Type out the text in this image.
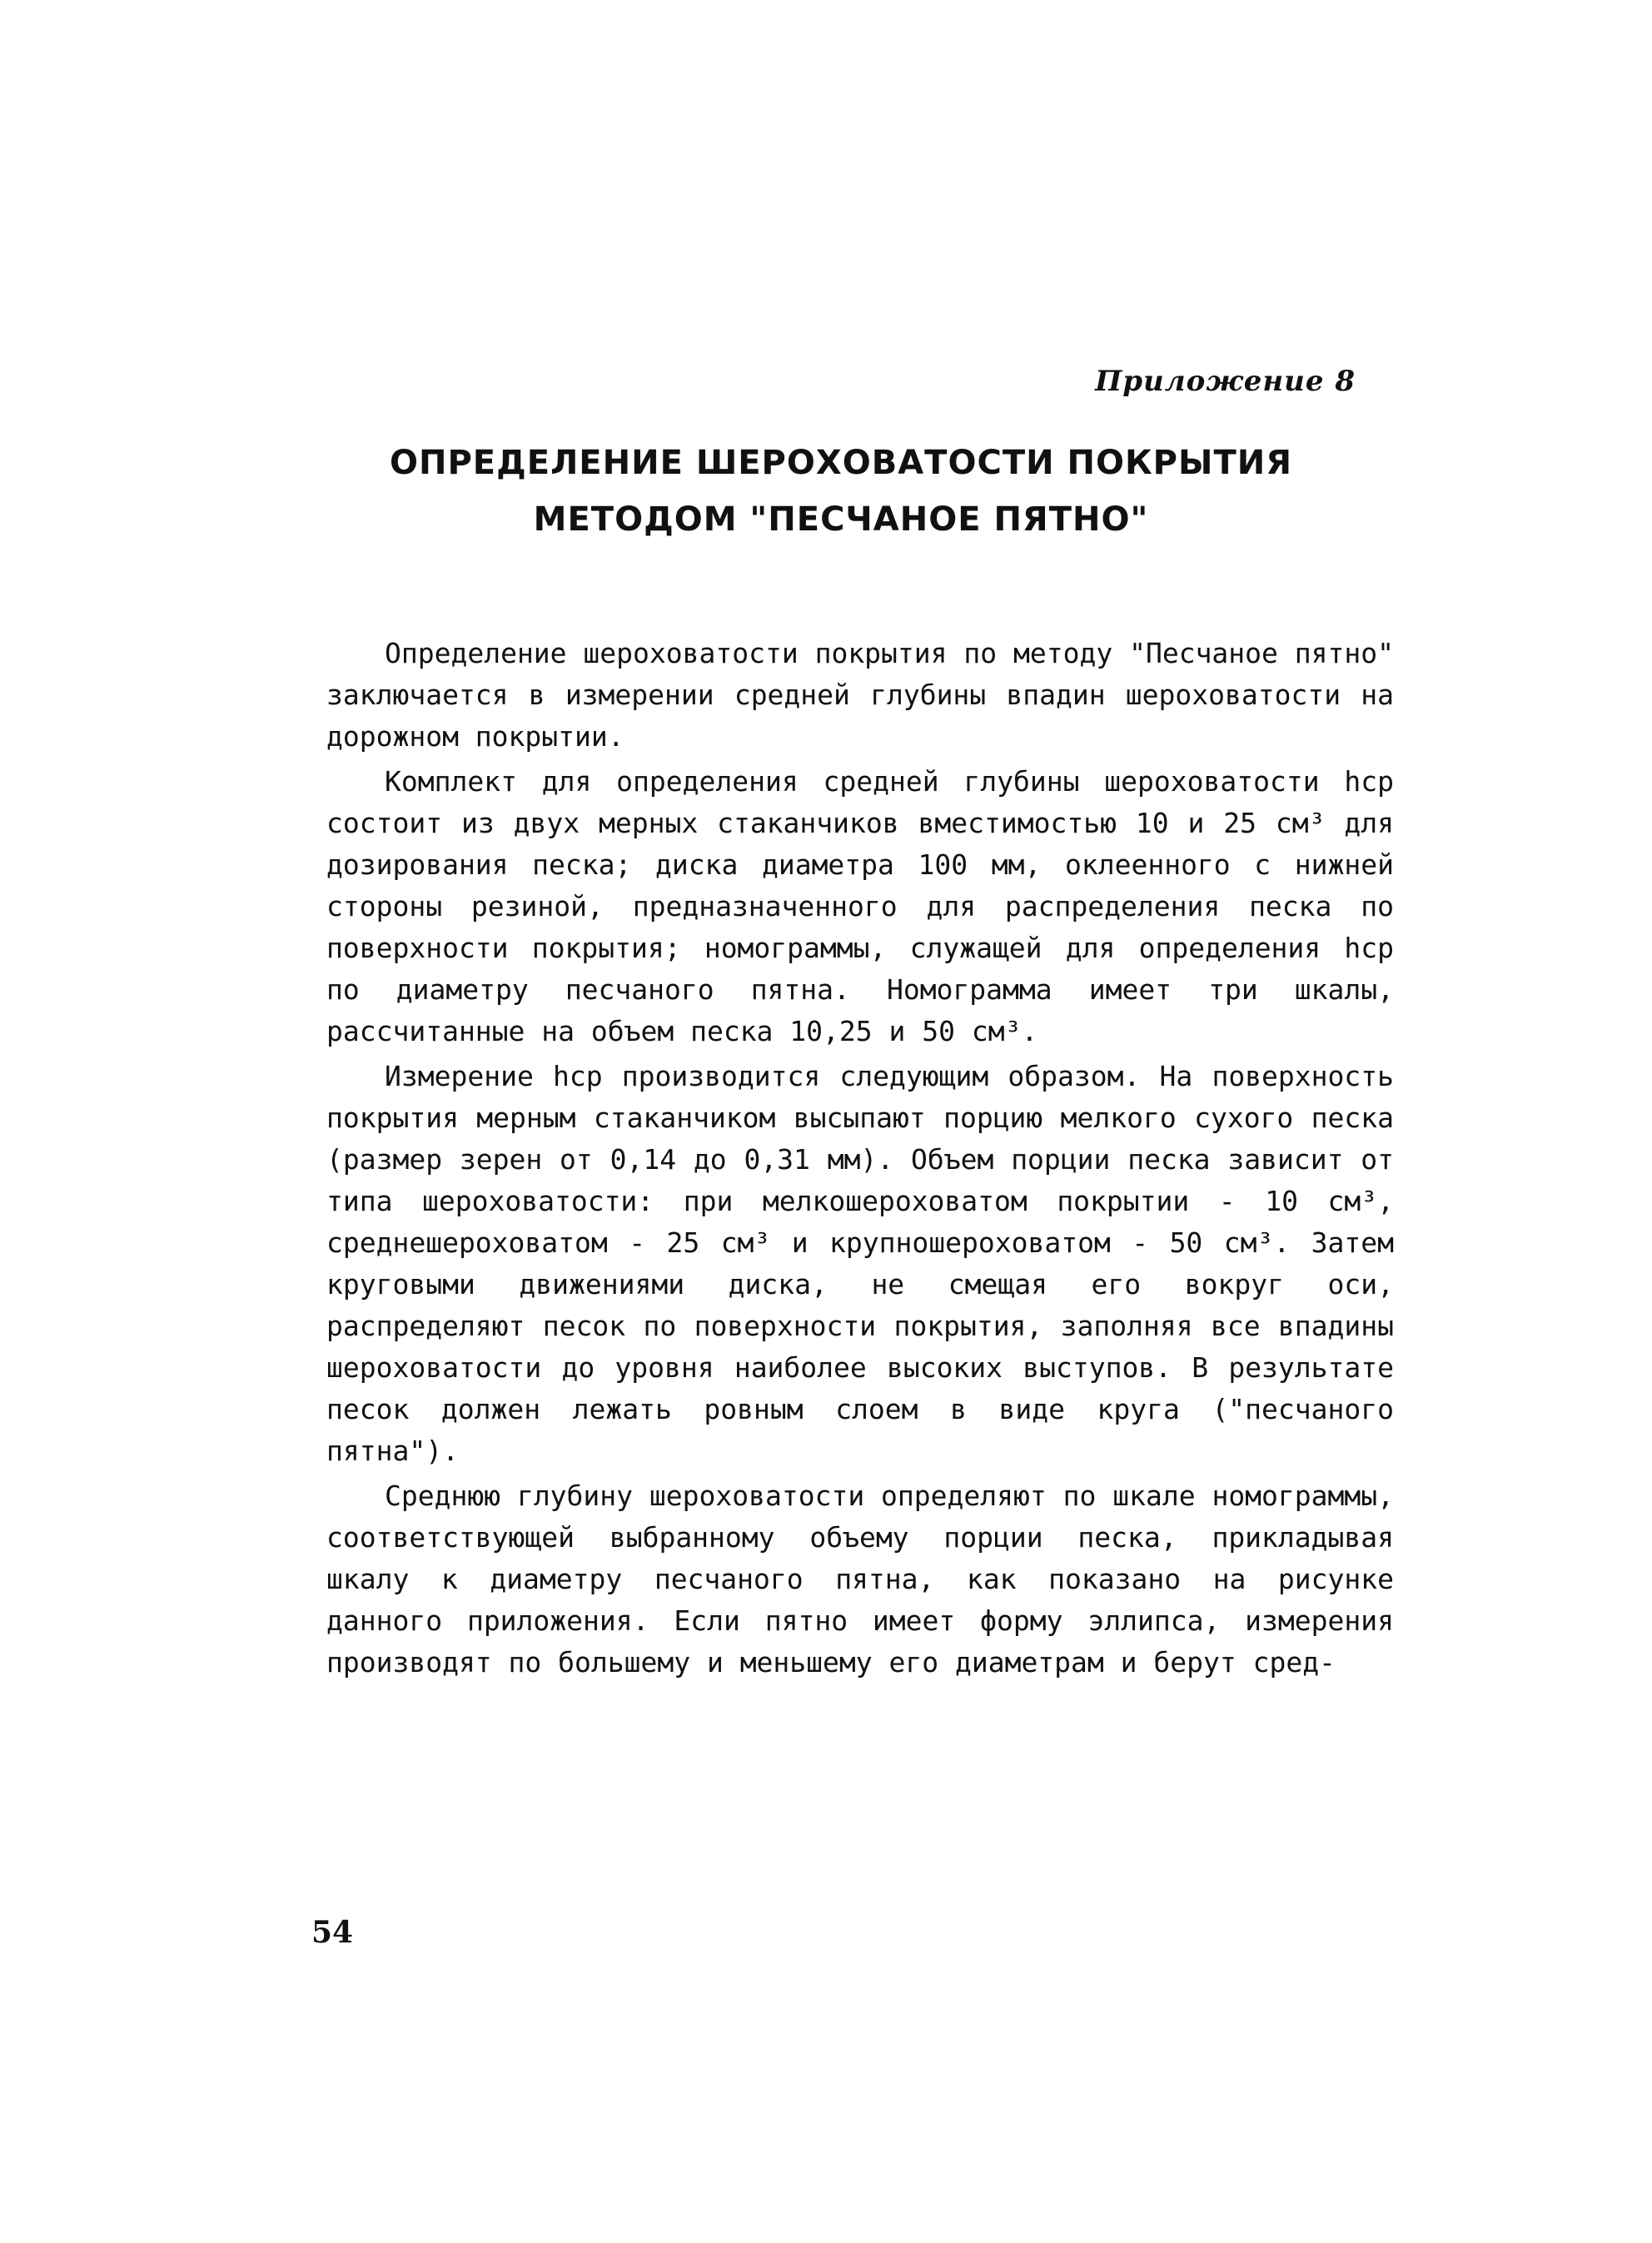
Приложение 8
ОПРЕДЕЛЕНИЕ ШЕРОХОВАТОСТИ ПОКРЫТИЯ
МЕТОДОМ "ПЕСЧАНОЕ ПЯТНО"

Определение шероховатости покрытия по методу "Песчаное пятно" заключается в измерении средней глубины впадин шероховатости на дорожном покрытии.

Комплект для определения средней глубины шероховатости hср состоит из двух мерных стаканчиков вместимостью 10 и 25 см³ для дозирования песка; диска диаметра 100 мм, оклеенного с нижней стороны резиной, предназначенного для распределения песка по поверхности покрытия; номограммы, служащей для определения hср по диаметру песчаного пятна. Номограмма имеет три шкалы, рассчитанные на объем песка 10,25 и 50 см³.

Измерение hср производится следующим образом. На поверхность покрытия мерным стаканчиком высыпают порцию мелкого сухого песка (размер зерен от 0,14 до 0,31 мм). Объем порции песка зависит от типа шероховатости: при мелкошероховатом покрытии - 10 см³, среднешероховатом - 25 см³ и крупношероховатом - 50 см³. Затем круговыми движениями диска, не смещая его вокруг оси, распределяют песок по поверхности покрытия, заполняя все впадины шероховатости до уровня наиболее высоких выступов. В результате песок должен лежать ровным слоем в виде круга ("песчаного пятна").

Среднюю глубину шероховатости определяют по шкале номограммы, соответствующей выбранному объему порции песка, прикладывая шкалу к диаметру песчаного пятна, как показано на рисунке данного приложения. Если пятно имеет форму эллипса, измерения производят по большему и меньшему его диаметрам и берут сред-

54
